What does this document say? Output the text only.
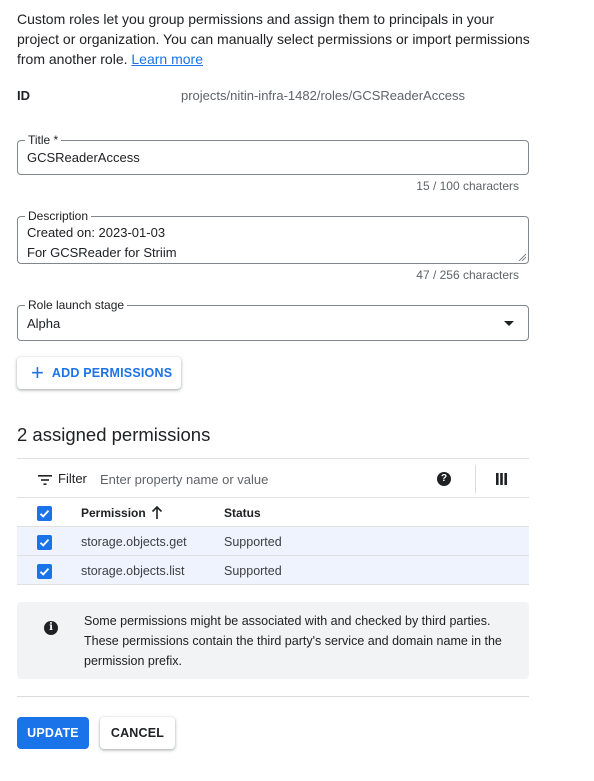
Custom roles let you group permissions and assign them to principals in your project or organization. You can manually select permissions or import permissions from another role. Learn more
ID	projects/nitin-infra-1482/roles/GCSReaderAccess
Title *
GCSReaderAccess
15 / 100 characters
Description
Created on: 2023-01-03
For GCSReader for Striim
47 / 256 characters
Role launch stage
Alpha
+ ADD PERMISSIONS
2 assigned permissions
Filter
Enter property name or value	?
Permission	Status
storage.objects.get	Supported
storage.objects.list	Supported
i	Some permissions might be associated with and checked by third parties. These permissions contain the third party's service and domain name in the permission prefix.
UPDATE	CANCEL
